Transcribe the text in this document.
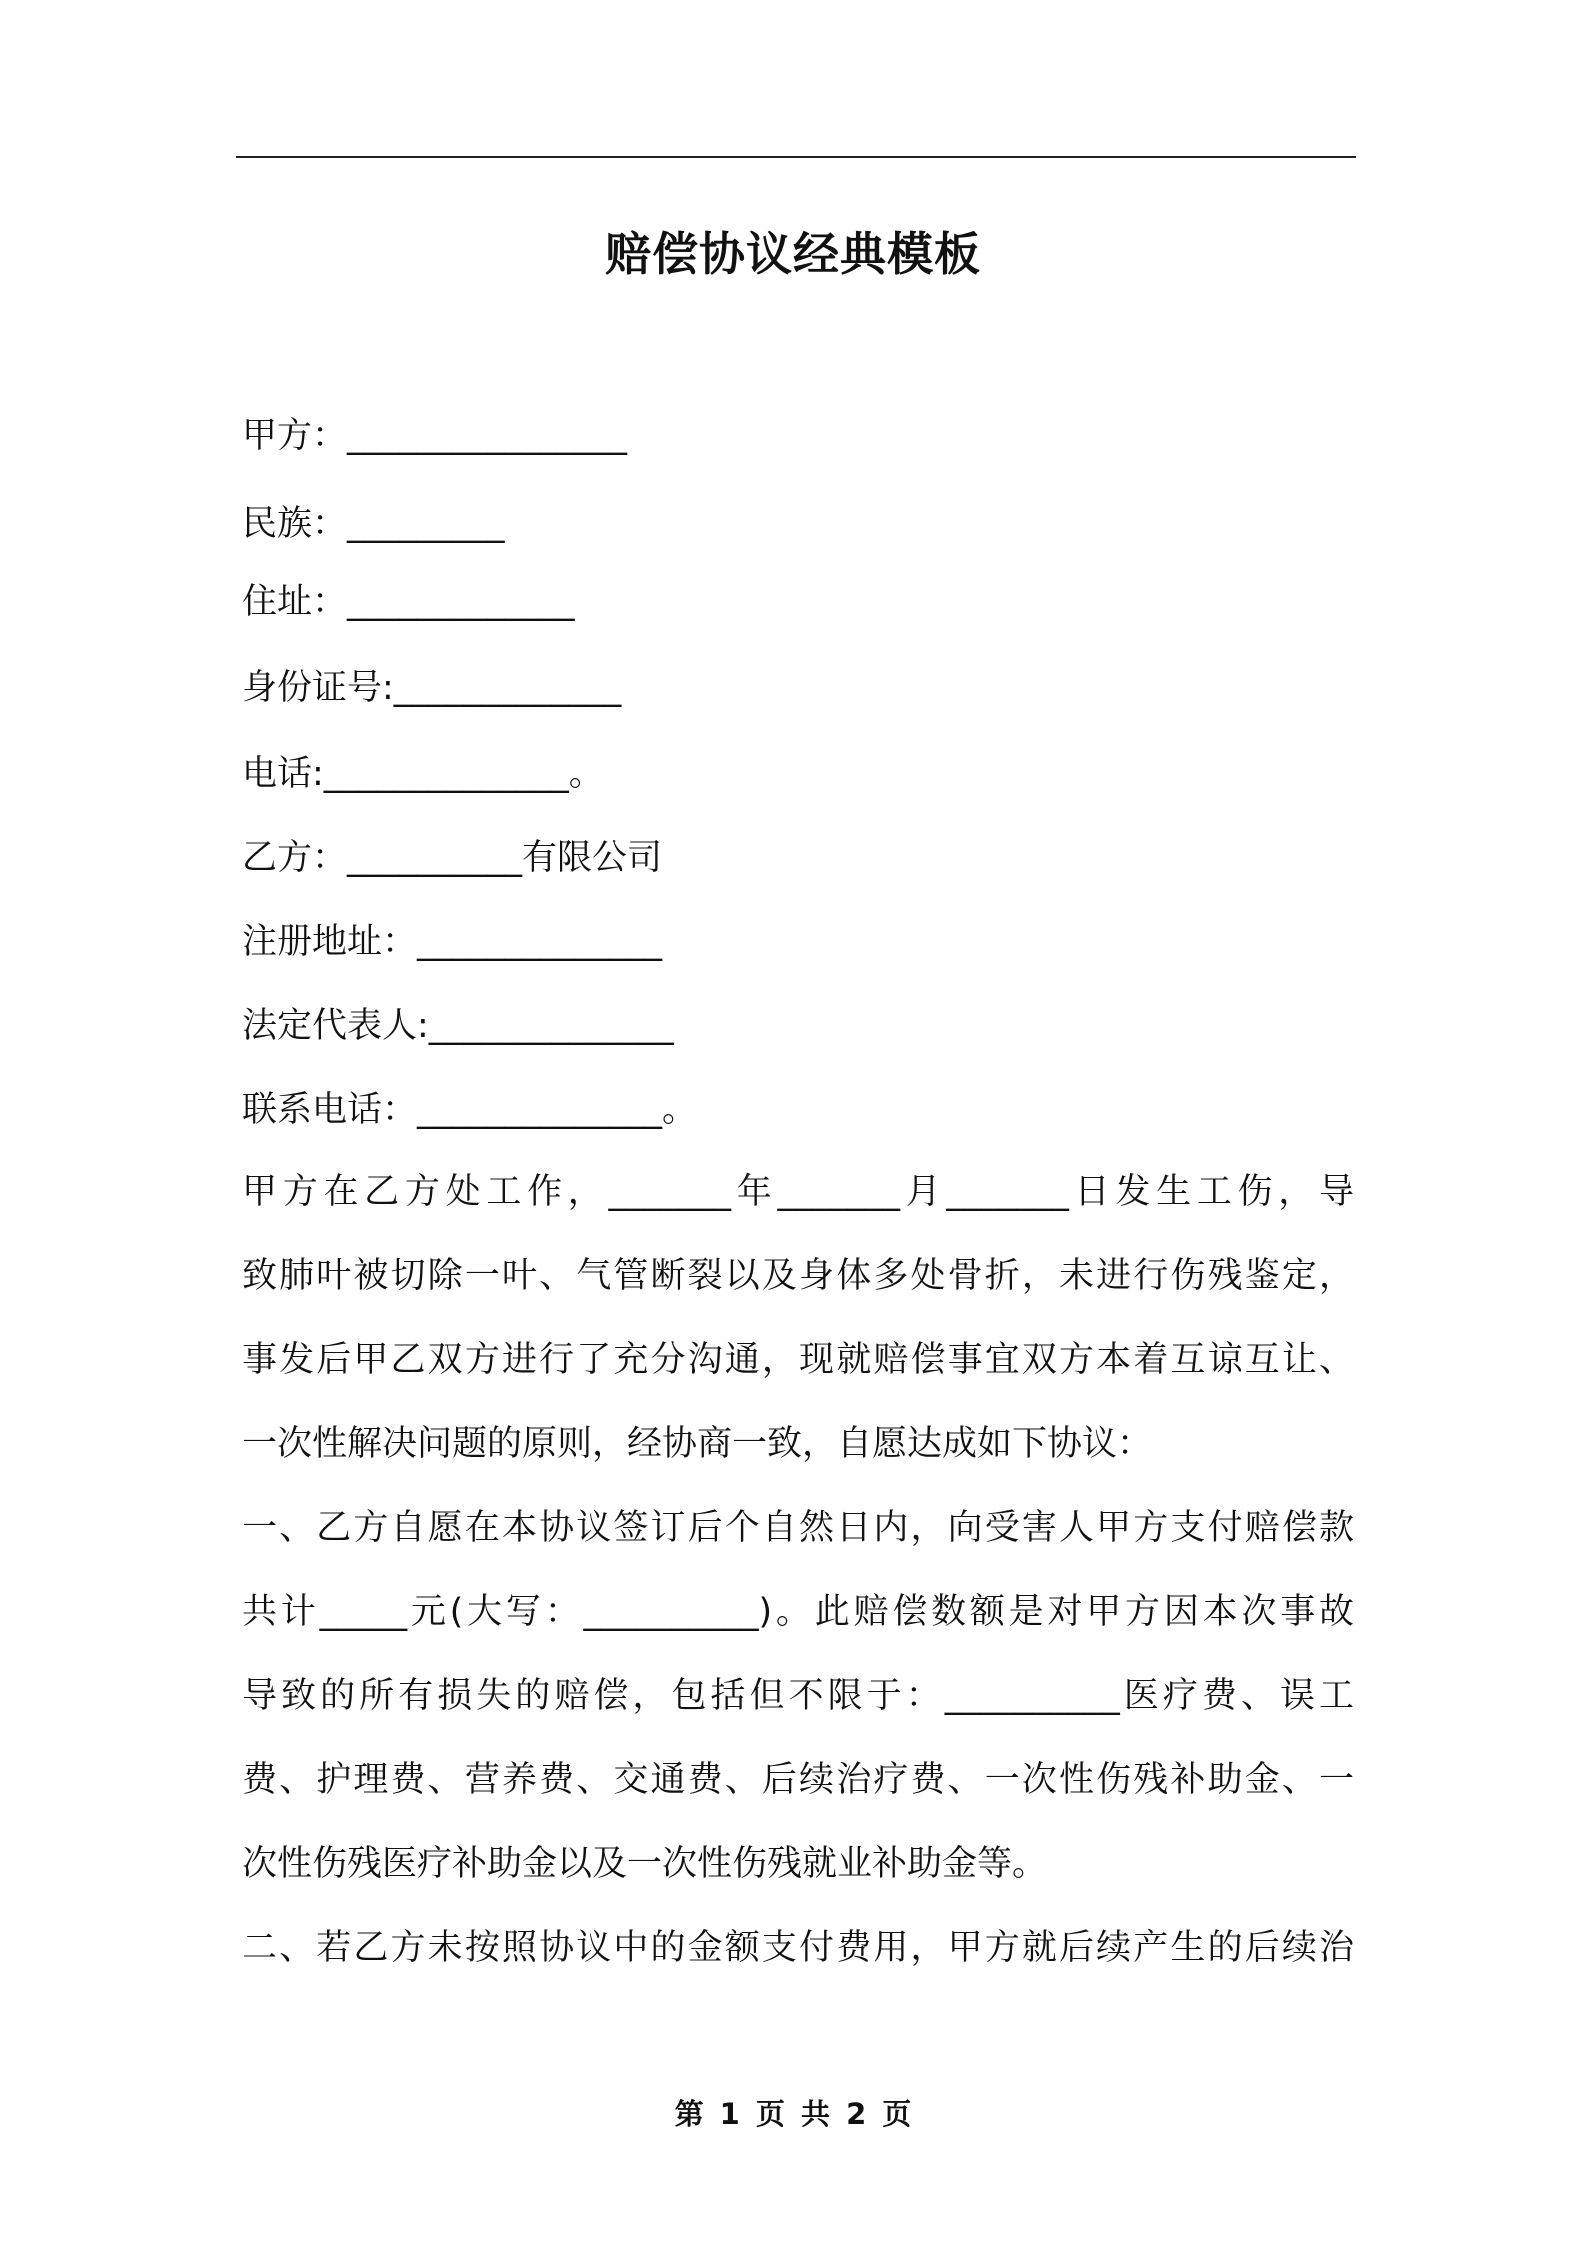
赔偿协议经典模板
甲方：________________
民族：_________
住址：_____________
身份证号:_____________
电话:______________。
乙方：__________有限公司
注册地址：______________
法定代表人:______________
联系电话：______________。
甲方在乙方处工作，_______年_______月_______日发生工伤，导
致肺叶被切除一叶、气管断裂以及身体多处骨折，未进行伤残鉴定，
事发后甲乙双方进行了充分沟通，现就赔偿事宜双方本着互谅互让、
一次性解决问题的原则，经协商一致，自愿达成如下协议：
一、乙方自愿在本协议签订后个自然日内，向受害人甲方支付赔偿款
共计_____元(大写：__________)。此赔偿数额是对甲方因本次事故
导致的所有损失的赔偿，包括但不限于：__________医疗费、误工
费、护理费、营养费、交通费、后续治疗费、一次性伤残补助金、一
次性伤残医疗补助金以及一次性伤残就业补助金等。
二、若乙方未按照协议中的金额支付费用，甲方就后续产生的后续治
第 1 页 共 2 页
